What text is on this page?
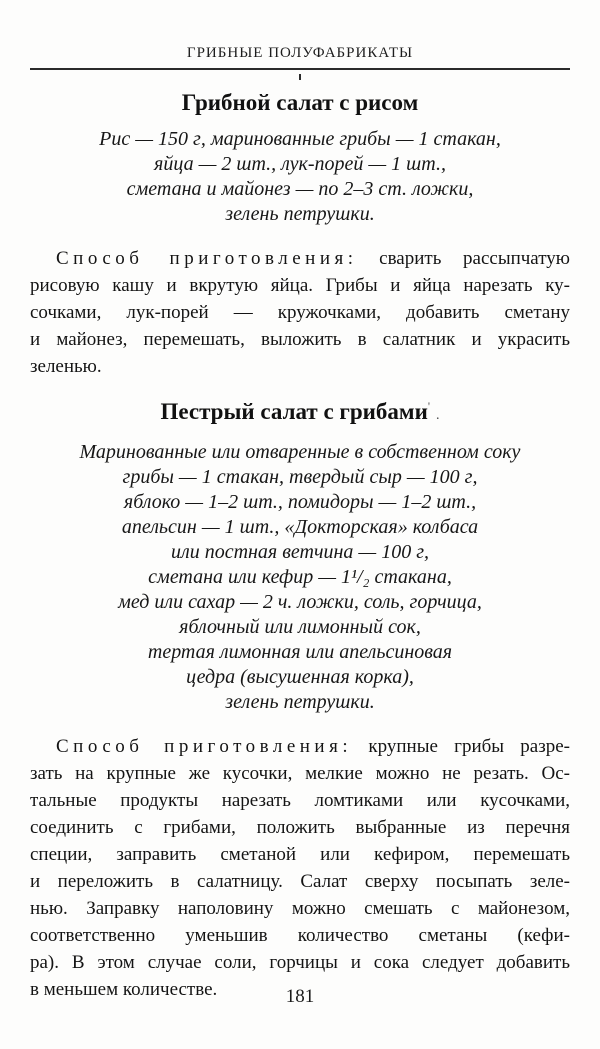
ГРИБНЫЕ ПОЛУФАБРИКАТЫ
Грибной салат с рисом
Рис — 150 г, маринованные грибы — 1 стакан,
яйца — 2 шт., лук-порей — 1 шт.,
сметана и майонез — по 2–3 ст. ложки,
зелень петрушки.
Способ приготовления: сварить рассыпчатую
рисовую кашу и вкрутую яйца. Грибы и яйца нарезать ку-
сочками, лук-порей — кружочками, добавить сметану
и майонез, перемешать, выложить в салатник и украсить
зеленью.
Пестрый салат с грибами'.
Маринованные или отваренные в собственном соку
грибы — 1 стакан, твердый сыр — 100 г,
яблоко — 1–2 шт., помидоры — 1–2 шт.,
апельсин — 1 шт., «Докторская» колбаса
или постная ветчина — 100 г,
сметана или кефир — 1¹/₂ стакана,
мед или сахар — 2 ч. ложки, соль, горчица,
яблочный или лимонный сок,
тертая лимонная или апельсиновая
цедра (высушенная корка),
зелень петрушки.
Способ приготовления: крупные грибы разре-
зать на крупные же кусочки, мелкие можно не резать. Ос-
тальные продукты нарезать ломтиками или кусочками,
соединить с грибами, положить выбранные из перечня
специи, заправить сметаной или кефиром, перемешать
и переложить в салатницу. Салат сверху посыпать зеле-
нью. Заправку наполовину можно смешать с майонезом,
соответственно уменьшив количество сметаны (кефи-
ра). В этом случае соли, горчицы и сока следует добавить
в меньшем количестве.	181
